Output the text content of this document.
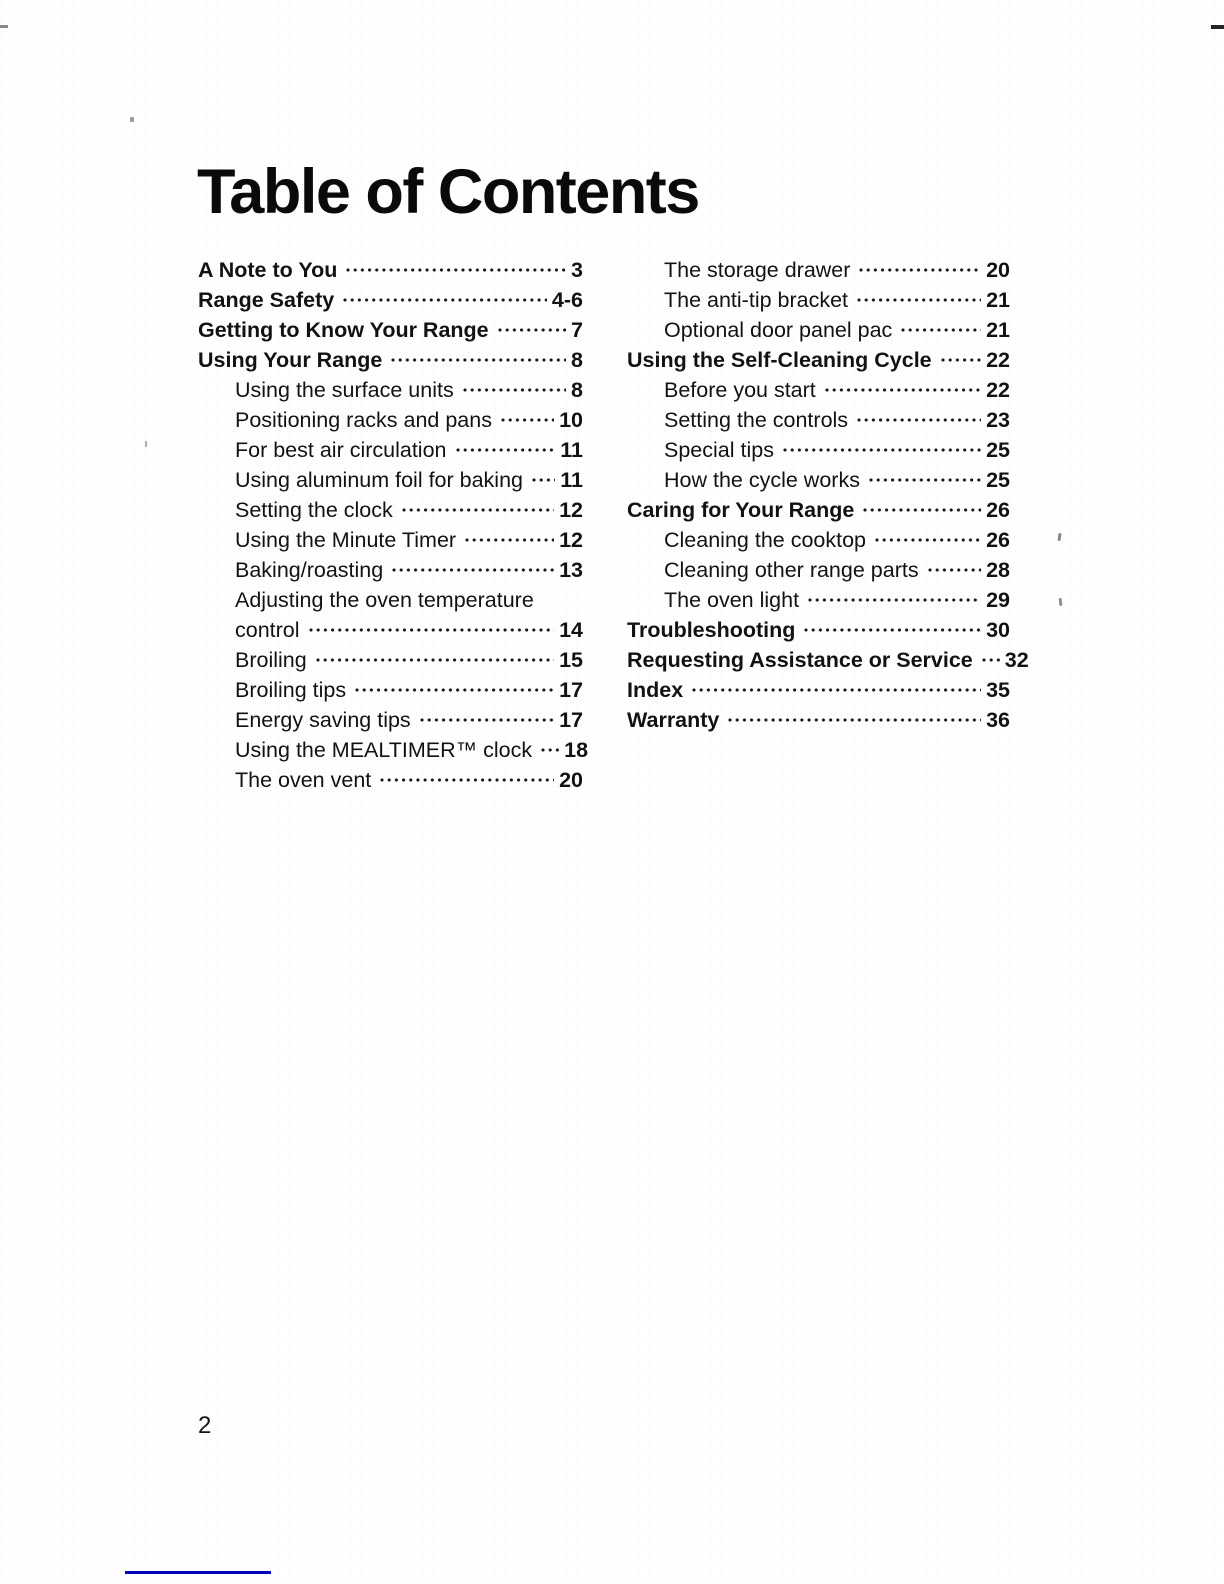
Table of Contents
A Note to You	3
Range Safety	4-6
Getting to Know Your Range	7
Using Your Range	8
Using the surface units	8
Positioning racks and pans	10
For best air circulation	11
Using aluminum foil for baking 11
Setting the clock	12
Using the Minute Timer	12
Baking/roasting	13
Adjusting the oven temperature
control	14
Broiling	15
Broiling tips	17
Energy saving tips	17
Using the MEALTIMER™ clock 18
The oven vent	20
The storage drawer	20
The anti-tip bracket	21
Optional door panel pac	21
Using the Self-Cleaning Cycle	22
Before you start	22
Setting the controls	23
Special tips	25
How the cycle works	25
Caring for Your Range	26
Cleaning the cooktop	26
Cleaning other range parts	28
The oven light	29
Troubleshooting	30
Requesting Assistance or Service 32
Index	35
Warranty	36
2
